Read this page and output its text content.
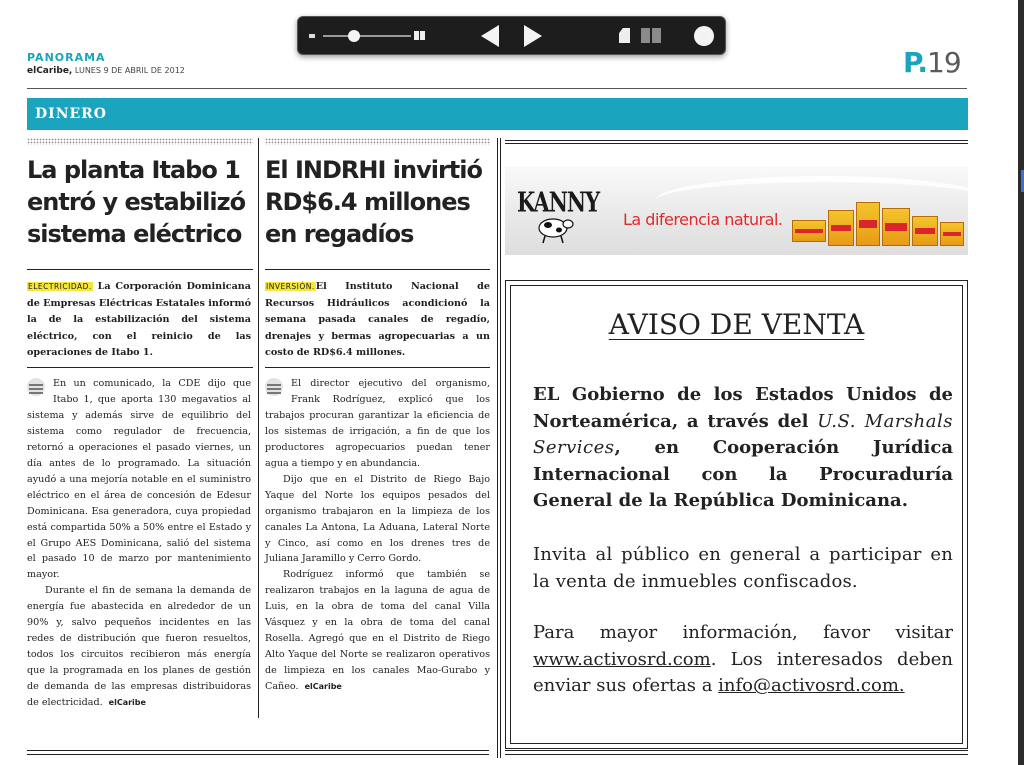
✕
PANORAMA
elCaribe, LUNES 9 DE ABRIL DE 2012	P.19
DINERO
La planta Itabo 1
entró y estabilizó
sistema eléctrico
ELECTRICIDAD. La Corporación Dominicana de Empresas Eléctricas Estatales informó la de la estabilización del sistema eléctrico, con el reinicio de las operaciones de Itabo 1.

En un comunicado, la CDE dijo que Itabo 1, que aporta 130 megavatios al sistema y además sirve de equilibrio del sistema como regulador de frecuencia, retornó a operaciones el pasado viernes, un día antes de lo programado. La situación ayudó a una mejoría notable en el suministro eléctrico en el área de concesión de Edesur Dominicana. Esa generadora, cuya propiedad está compartida 50% a 50% entre el Estado y el Grupo AES Dominicana, salió del sistema el pasado 10 de marzo por mantenimiento mayor.

Durante el fin de semana la demanda de energía fue abastecida en alrededor de un 90% y, salvo pequeños incidentes en las redes de distribución que fueron resueltos, todos los circuitos recibieron más energía que la programada en los planes de gestión de demanda de las empresas distribuidoras de electricidad. elCaribe

El INDRHI invirtió
RD$6.4 millones
en regadíos
INVERSIÓN.El Instituto Nacional de Recursos Hidráulicos acondicionó la semana pasada canales de regadío, drenajes y bermas agropecuarias a un costo de RD$6.4 millones.

El director ejecutivo del organismo, Frank Rodríguez, explicó que los trabajos procuran garantizar la eficiencia de los sistemas de irrigación, a fin de que los productores agropecuarios puedan tener agua a tiempo y en abundancia.

Dijo que en el Distrito de Riego Bajo Yaque del Norte los equipos pesados del organismo trabajaron en la limpieza de los canales La Antona, La Aduana, Lateral Norte y Cinco, así como en los drenes tres de Juliana Jaramillo y Cerro Gordo.

Rodríguez informó que también se realizaron trabajos en la laguna de agua de Luis, en la obra de toma del canal Villa Vásquez y en la obra de toma del canal Rosella. Agregó que en el Distrito de Riego Alto Yaque del Norte se realizaron operativos de limpieza en los canales Mao-Gurabo y Cañeo. elCaribe

KANNY
La diferencia natural.
AVISO DE VENTA
EL Gobierno de los Estados Unidos de Norteamérica, a través del U.S. Marshals Services, en Cooperación Jurídica Internacional con la Procuraduría General de la República Dominicana.
Invita al público en general a participar en la venta de inmuebles confiscados.
Para mayor información, favor visitar www.activosrd.com. Los interesados deben enviar sus ofertas a info@activosrd.com.
